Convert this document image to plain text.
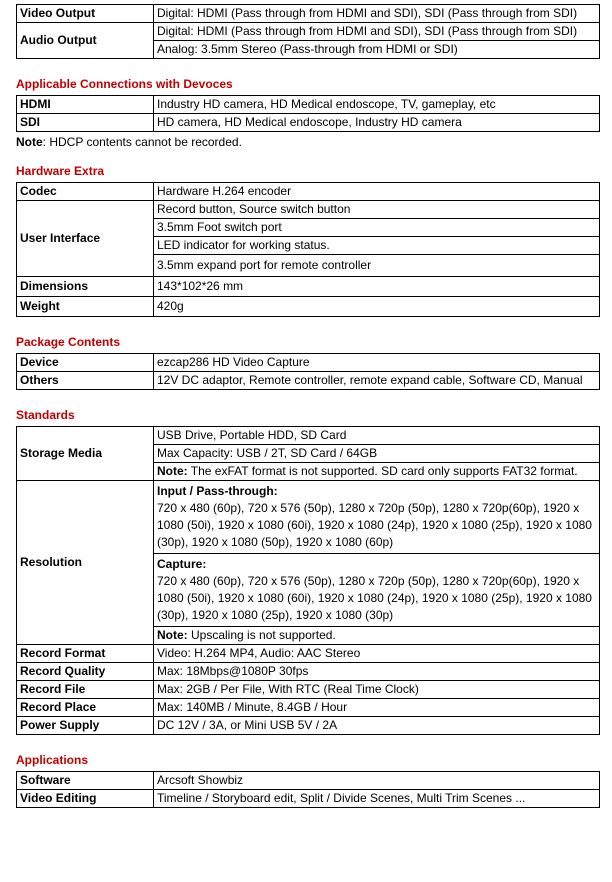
Video Output	Digital: HDMI (Pass through from HDMI and SDI), SDI (Pass through from SDI)
Audio Output	Digital: HDMI (Pass through from HDMI and SDI), SDI (Pass through from SDI)
	Analog: 3.5mm Stereo (Pass-through from HDMI or SDI)
Applicable Connections with Devoces
HDMI	Industry HD camera, HD Medical endoscope, TV, gameplay, etc
SDI	HD camera, HD Medical endoscope, Industry HD camera
Note: HDCP contents cannot be recorded.
Hardware Extra
Codec	Hardware H.264 encoder
User Interface	Record button, Source switch button
	3.5mm Foot switch port
	LED indicator for working status.
	3.5mm expand port for remote controller
Dimensions	143*102*26 mm
Weight	420g
Package Contents
Device	ezcap286 HD Video Capture
Others	12V DC adaptor, Remote controller, remote expand cable, Software CD, Manual
Standards
Storage Media	USB Drive, Portable HDD, SD Card
	Max Capacity: USB / 2T, SD Card / 64GB
	Note: The exFAT format is not supported. SD card only supports FAT32 format.
Resolution	Input / Pass-through:
720 x 480 (60p), 720 x 576 (50p), 1280 x 720p (50p), 1280 x 720p(60p), 1920 x 1080 (50i), 1920 x 1080 (60i), 1920 x 1080 (24p), 1920 x 1080 (25p), 1920 x 1080 (30p), 1920 x 1080 (50p), 1920 x 1080 (60p)

	Capture:
720 x 480 (60p), 720 x 576 (50p), 1280 x 720p (50p), 1280 x 720p(60p), 1920 x 1080 (50i), 1920 x 1080 (60i), 1920 x 1080 (24p), 1920 x 1080 (25p), 1920 x 1080 (30p), 1920 x 1080 (25p), 1920 x 1080 (30p)

	Note: Upscaling is not supported.
Record Format	Video: H.264 MP4, Audio: AAC Stereo
Record Quality	Max: 18Mbps@1080P 30fps
Record File	Max: 2GB / Per File, With RTC (Real Time Clock)
Record Place	Max: 140MB / Minute, 8.4GB / Hour
Power Supply	DC 12V / 3A, or Mini USB 5V / 2A
Applications
Software	Arcsoft Showbiz
Video Editing	Timeline / Storyboard edit, Split / Divide Scenes, Multi Trim Scenes ...
